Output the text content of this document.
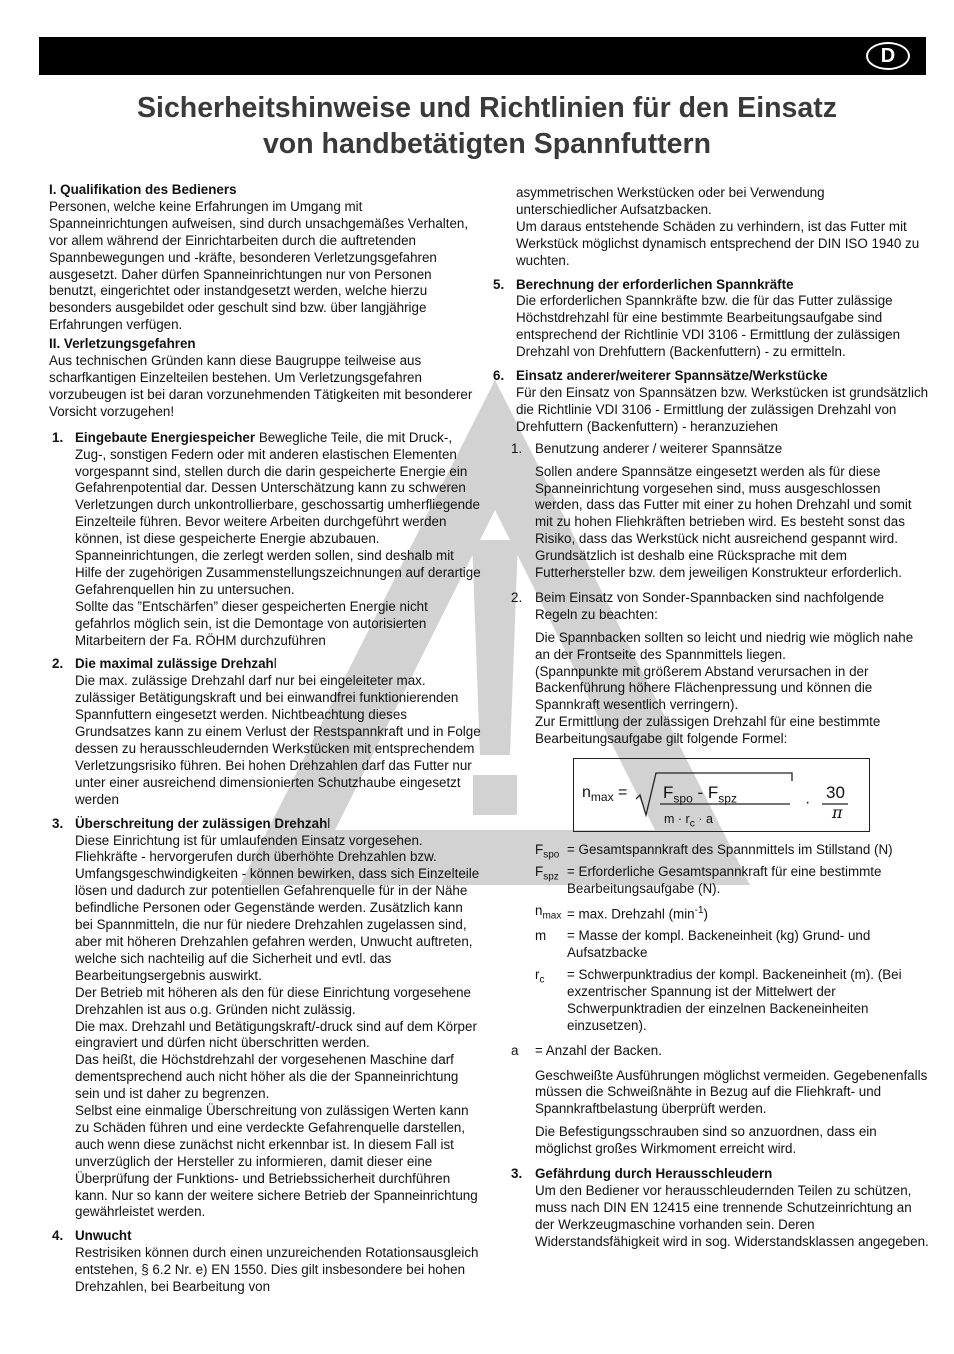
D
Sicherheitshinweise und Richtlinien für den Einsatz
von handbetätigten Spannfuttern

I. Qualifikation des Bedieners

Personen, welche keine Erfahrungen im Umgang mit Spanneinrichtungen aufweisen, sind durch unsachgemäßes Verhalten, vor allem während der Einrichtarbeiten durch die auftretenden Spannbewegungen und -kräfte, besonderen Verletzungsgefahren ausgesetzt. Daher dürfen Spanneinrichtungen nur von Personen benutzt, eingerichtet oder instandgesetzt werden, welche hierzu besonders ausgebildet oder geschult sind bzw. über langjährige Erfahrungen verfügen.

II. Verletzungsgefahren

Aus technischen Gründen kann diese Baugruppe teilweise aus scharfkantigen Einzelteilen bestehen. Um Verletzungsgefahren vorzubeugen ist bei daran vorzunehmenden Tätigkeiten mit besonderer Vorsicht vorzugehen!

1. Eingebaute Energiespeicher Bewegliche Teile, die mit Druck-, Zug-, sonstigen Federn oder mit anderen elastischen Elementen vorgespannt sind, stellen durch die darin gespeicherte Energie ein Gefahrenpotential dar. Dessen Unterschätzung kann zu schweren Verletzungen durch unkontrollierbare, geschossartig umherfliegende Einzelteile führen. Bevor weitere Arbeiten durchgeführt werden können, ist diese gespeicherte Energie abzubauen. Spanneinrichtungen, die zerlegt werden sollen, sind deshalb mit Hilfe der zugehörigen Zusammenstellungszeichnungen auf derartige Gefahrenquellen hin zu untersuchen.

Sollte das ”Entschärfen” dieser gespeicherten Energie nicht gefahrlos möglich sein, ist die Demontage von autorisierten Mitarbeitern der Fa. RÖHM durchzuführen

2. Die maximal zulässige Drehzahl

Die max. zulässige Drehzahl darf nur bei eingeleiteter max. zulässiger Betätigungskraft und bei einwandfrei funktionierenden Spannfuttern eingesetzt werden. Nichtbeachtung dieses Grundsatzes kann zu einem Verlust der Restspannkraft und in Folge dessen zu herausschleudernden Werkstücken mit entsprechendem Verletzungsrisiko führen. Bei hohen Drehzahlen darf das Futter nur unter einer ausreichend dimensionierten Schutzhaube eingesetzt werden

3. Überschreitung der zulässigen Drehzahl

Diese Einrichtung ist für umlaufenden Einsatz vorgesehen. Fliehkräfte - hervorgerufen durch überhöhte Drehzahlen bzw. Umfangsgeschwindigkeiten - können bewirken, dass sich Einzelteile lösen und dadurch zur potentiellen Gefahrenquelle für in der Nähe befindliche Personen oder Gegenstände werden. Zusätzlich kann bei Spannmitteln, die nur für niedere Drehzahlen zugelassen sind, aber mit höheren Drehzahlen gefahren werden, Unwucht auftreten, welche sich nachteilig auf die Sicherheit und evtl. das Bearbeitungsergebnis auswirkt.

Der Betrieb mit höheren als den für diese Einrichtung vorgesehene Drehzahlen ist aus o.g. Gründen nicht zulässig.

Die max. Drehzahl und Betätigungskraft/-druck sind auf dem Körper eingraviert und dürfen nicht überschritten werden.

Das heißt, die Höchstdrehzahl der vorgesehenen Maschine darf dementsprechend auch nicht höher als die der Spanneinrichtung sein und ist daher zu begrenzen.

Selbst eine einmalige Überschreitung von zulässigen Werten kann zu Schäden führen und eine verdeckte Gefahrenquelle darstellen, auch wenn diese zunächst nicht erkennbar ist. In diesem Fall ist unverzüglich der Hersteller zu informieren, damit dieser eine Überprüfung der Funktions- und Betriebssicherheit durchführen kann. Nur so kann der weitere sichere Betrieb der Spanneinrichtung gewährleistet werden.

4. Unwucht

Restrisiken können durch einen unzureichenden Rotationsausgleich entstehen, § 6.2 Nr. e) EN 1550. Dies gilt insbesondere bei hohen Drehzahlen, bei Bearbeitung von

asymmetrischen Werkstücken oder bei Verwendung unterschiedlicher Aufsatzbacken.

Um daraus entstehende Schäden zu verhindern, ist das Futter mit Werkstück möglichst dynamisch entsprechend der DIN ISO 1940 zu wuchten.

5. Berechnung der erforderlichen Spannkräfte

Die erforderlichen Spannkräfte bzw. die für das Futter zulässige Höchstdrehzahl für eine bestimmte Bearbeitungsaufgabe sind entsprechend der Richtlinie VDI 3106 - Ermittlung der zulässigen Drehzahl von Drehfuttern (Backenfuttern) - zu ermitteln.

6. Einsatz anderer/weiterer Spannsätze/Werkstücke

Für den Einsatz von Spannsätzen bzw. Werkstücken ist grundsätzlich die Richtlinie VDI 3106 - Ermittlung der zulässigen Drehzahl von Drehfuttern (Backenfuttern) - heranzuziehen

1. Benutzung anderer / weiterer Spannsätze

Sollen andere Spannsätze eingesetzt werden als für diese Spanneinrichtung vorgesehen sind, muss ausgeschlossen werden, dass das Futter mit einer zu hohen Drehzahl und somit mit zu hohen Fliehkräften betrieben wird. Es besteht sonst das Risiko, dass das Werkstück nicht ausreichend gespannt wird.

Grundsätzlich ist deshalb eine Rücksprache mit dem Futterhersteller bzw. dem jeweiligen Konstrukteur erforderlich.

2. Beim Einsatz von Sonder-Spannbacken sind nachfolgende Regeln zu beachten:

Die Spannbacken sollten so leicht und niedrig wie möglich nahe an der Frontseite des Spannmittels liegen.

(Spannpunkte mit größerem Abstand verursachen in der Backenführung höhere Flächenpressung und können die Spannkraft wesentlich verringern).

Zur Ermittlung der zulässigen Drehzahl für eine bestimmte Bearbeitungsaufgabe gilt folgende Formel:

$n_{max} = F_{spo} - F_{spz}$
$m \cdot r_c \cdot a$
·
30
π
$F_{spo}$ = Gesamtspannkraft des Spannmittels im Stillstand (N)

$F_{spz}$ = Erforderliche Gesamtspannkraft für eine bestimmte Bearbeitungsaufgabe (N).

$n_{max} = \max$. Drehzahl $(\min^{-1})$

m = Masse der kompl. Backeneinheit (kg) Grund- und Aufsatzbacke

$r_c$ = Schwerpunktradius der kompl. Backeneinheit (m). (Bei exzentrischer Spannung ist der Mittelwert der Schwerpunktradien der einzelnen Backeneinheiten einzusetzen).

a = Anzahl der Backen.

Geschweißte Ausführungen möglichst vermeiden. Gegebenenfalls müssen die Schweißnähte in Bezug auf die Fliehkraft- und Spannkraftbelastung überprüft werden.

Die Befestigungsschrauben sind so anzuordnen, dass ein möglichst großes Wirkmoment erreicht wird.

3. Gefährdung durch Herausschleudern

Um den Bediener vor herausschleudernden Teilen zu schützen, muss nach DIN EN 12415 eine trennende Schutzeinrichtung an der Werkzeugmaschine vorhanden sein. Deren Widerstandsfähigkeit wird in sog. Widerstandsklassen angegeben.
